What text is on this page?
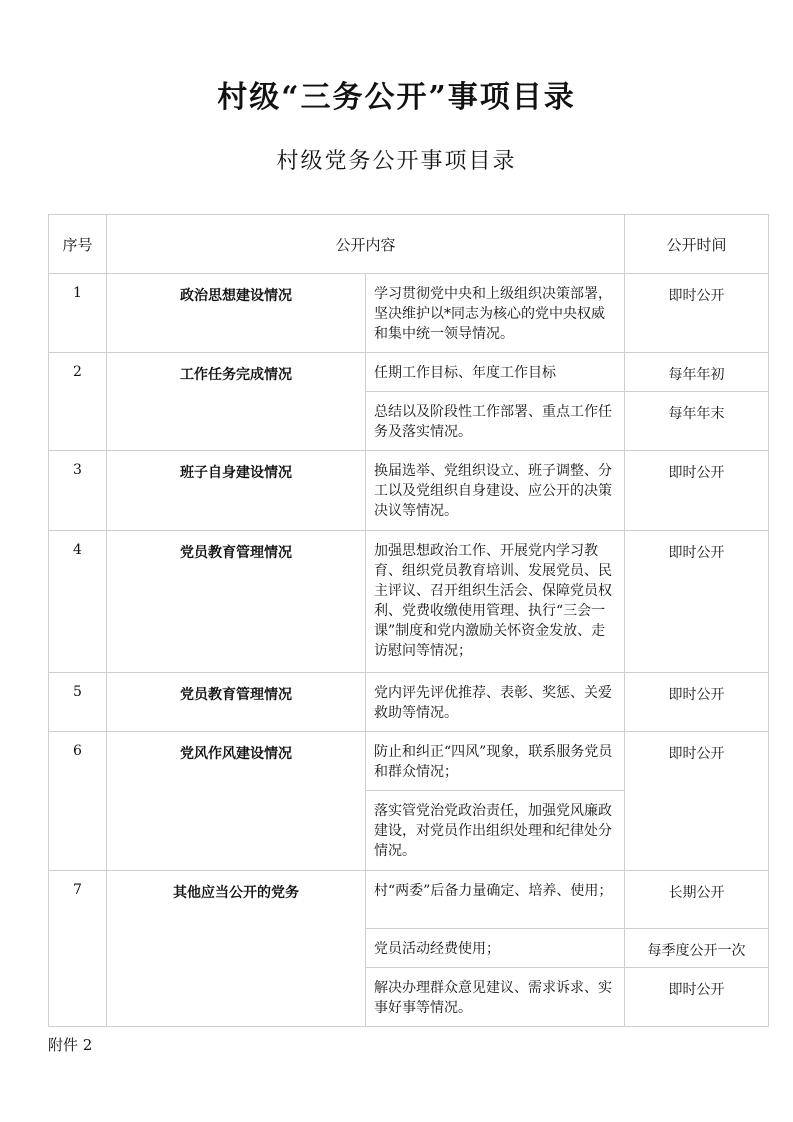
村级“三务公开”事项目录
村级党务公开事项目录
序号	公开内容		公开时间
1	政治思想建设情况	学习贯彻党中央和上级组织决策部署，坚决维护以*同志为核心的党中央权威和集中统一领导情况。	即时公开
2	工作任务完成情况	任期工作目标、年度工作目标	每年年初
		总结以及阶段性工作部署、重点工作任务及落实情况。	每年年末
3	班子自身建设情况	换届选举、党组织设立、班子调整、分工以及党组织自身建设、应公开的决策决议等情况。	即时公开
4	党员教育管理情况	加强思想政治工作、开展党内学习教育、组织党员教育培训、发展党员、民主评议、召开组织生活会、保障党员权利、党费收缴使用管理、执行“三会一课”制度和党内激励关怀资金发放、走访慰问等情况；	即时公开
5	党员教育管理情况	党内评先评优推荐、表彰、奖惩、关爱救助等情况。	即时公开
6	党风作风建设情况	防止和纠正“四风”现象，联系服务党员和群众情况；	即时公开
		落实管党治党政治责任，加强党风廉政建设，对党员作出组织处理和纪律处分情况。	
7	其他应当公开的党务	村“两委”后备力量确定、培养、使用；	长期公开
		党员活动经费使用；	每季度公开一次
		解决办理群众意见建议、需求诉求、实事好事等情况。	即时公开
附件 2
